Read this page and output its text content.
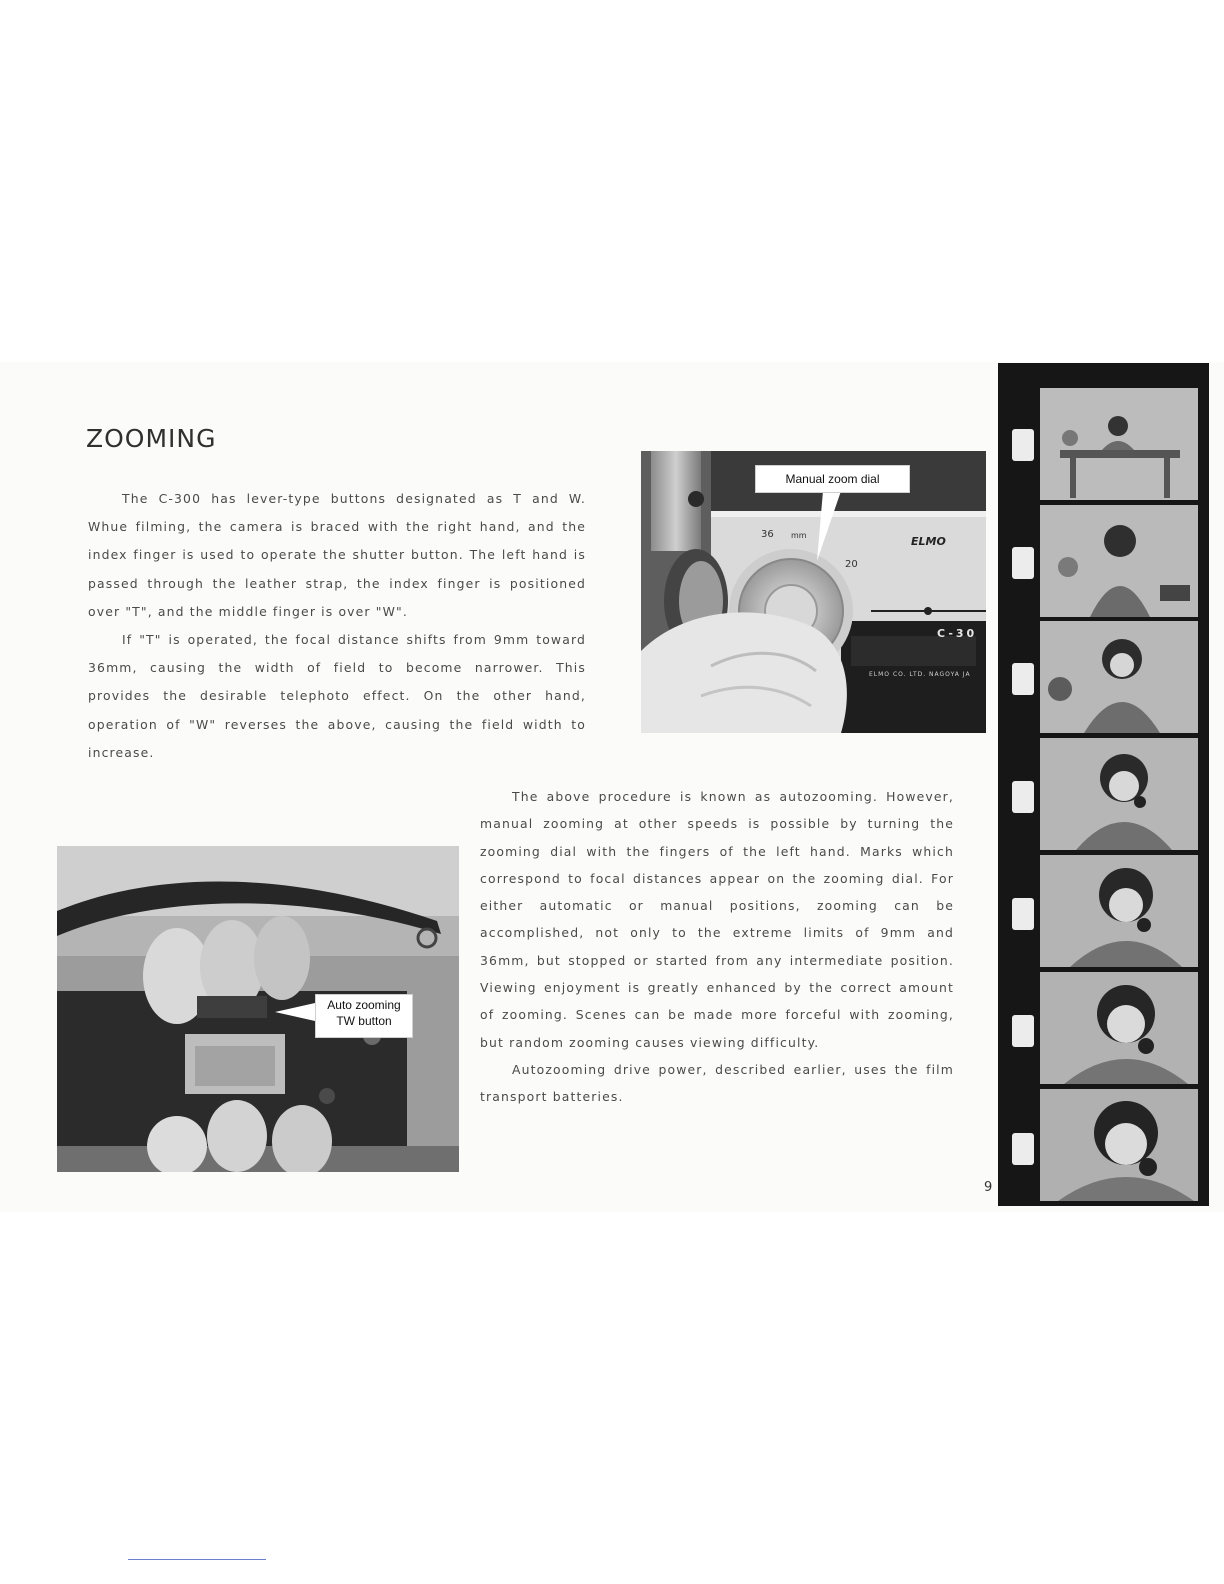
ZOOMING

The C-300 has lever-type buttons designated as T and W. Whue filming, the camera is braced with the right hand, and the index finger is used to operate the shutter button. The left hand is passed through the leather strap, the index finger is positioned over "T", and the middle finger is over "W".

If "T" is operated, the focal distance shifts from 9mm toward 36mm, causing the width of field to become narrower. This provides the desirable telephoto effect. On the other hand, operation of "W" reverses the above, causing the field width to increase.

36 mm
20
ELMO
C-30
ELMO CO. LTD. NAGOYA JA
Manual zoom dial

The above procedure is known as autozooming. However, manual zooming at other speeds is possible by turning the zooming dial with the fingers of the left hand. Marks which correspond to focal distances appear on the zooming dial. For either automatic or manual positions, zooming can be accomplished, not only to the extreme limits of 9mm and 36mm, but stopped or started from any intermediate position. Viewing enjoyment is greatly enhanced by the correct amount of zooming. Scenes can be made more forceful with zooming, but random zooming causes viewing difficulty.

Autozooming drive power, described earlier, uses the film transport batteries.

Auto zooming
TW button
9
